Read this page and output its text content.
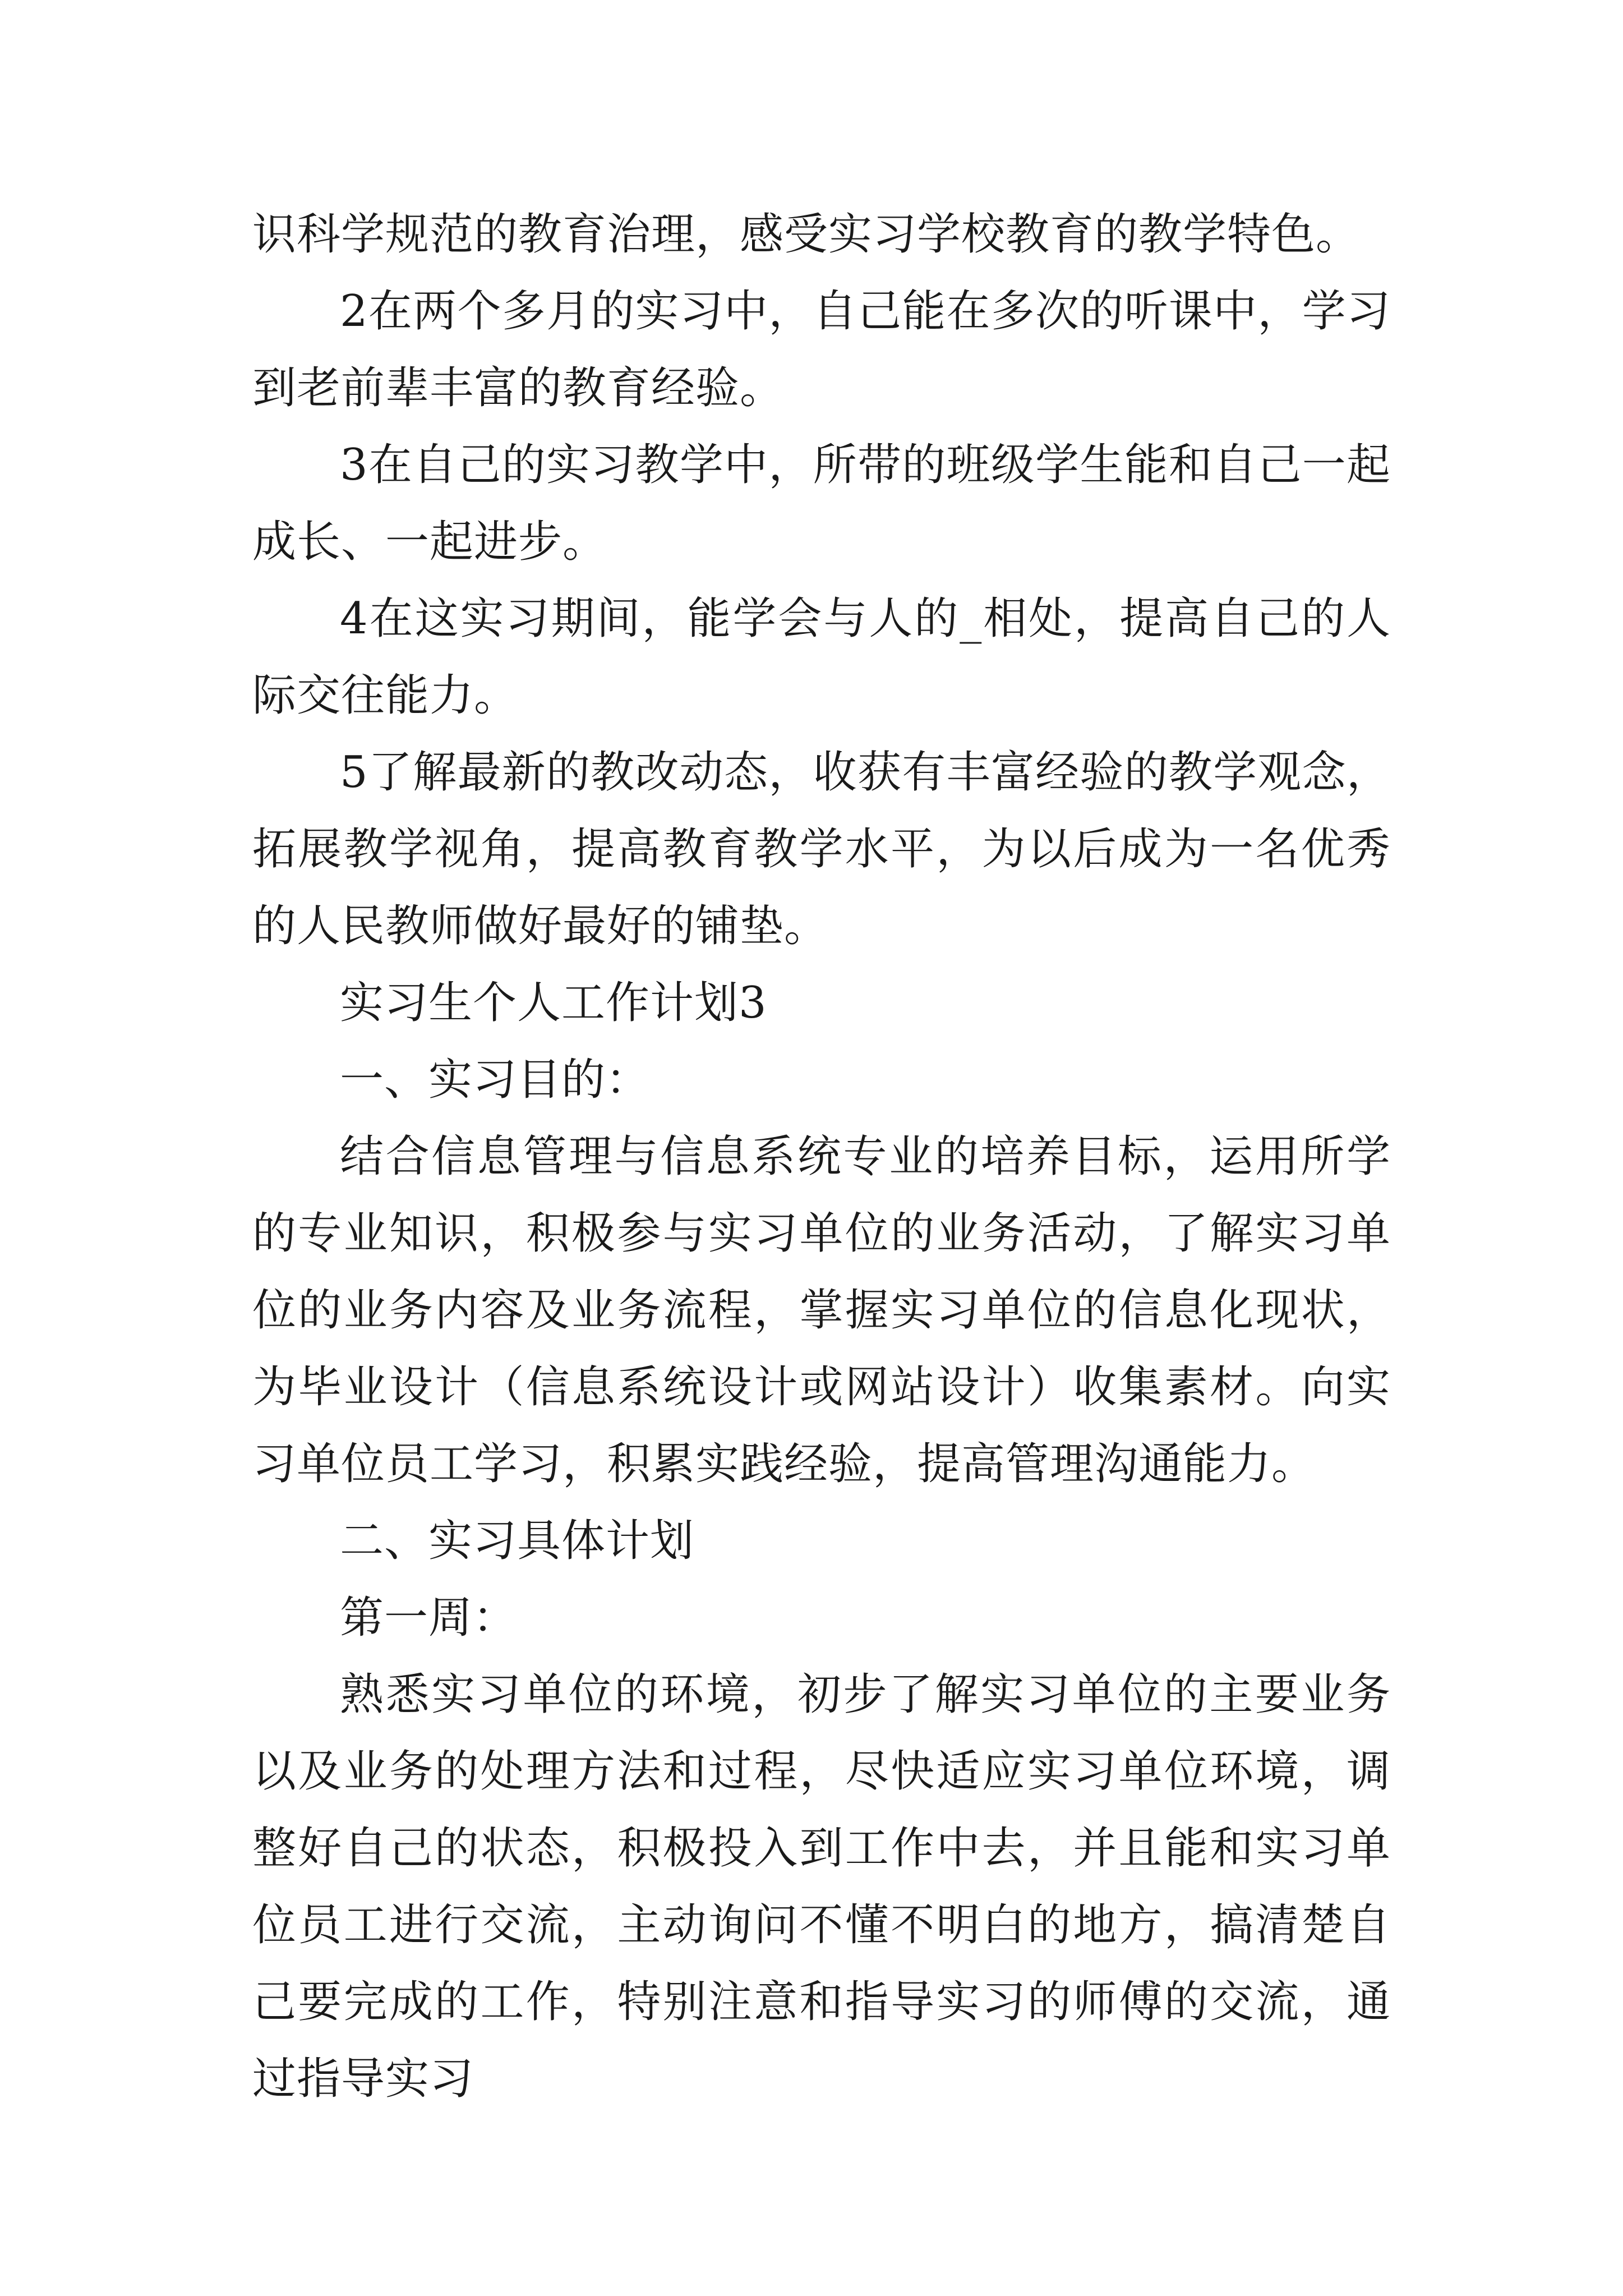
识科学规范的教育治理，感受实习学校教育的教学特色。

2在两个多月的实习中，自己能在多次的听课中，学习到老前辈丰富的教育经验。

3在自己的实习教学中，所带的班级学生能和自己一起成长、一起进步。

4在这实习期间，能学会与人的_相处，提高自己的人际交往能力。

5了解最新的教改动态，收获有丰富经验的教学观念，拓展教学视角，提高教育教学水平，为以后成为一名优秀的人民教师做好最好的铺垫。

实习生个人工作计划3

一、实习目的：

结合信息管理与信息系统专业的培养目标，运用所学的专业知识，积极参与实习单位的业务活动，了解实习单位的业务内容及业务流程，掌握实习单位的信息化现状，为毕业设计（信息系统设计或网站设计）收集素材。向实习单位员工学习，积累实践经验，提高管理沟通能力。

二、实习具体计划

第一周：

熟悉实习单位的环境，初步了解实习单位的主要业务以及业务的处理方法和过程，尽快适应实习单位环境，调整好自己的状态，积极投入到工作中去，并且能和实习单位员工进行交流，主动询问不懂不明白的地方，搞清楚自己要完成的工作，特别注意和指导实习的师傅的交流，通过指导实习
